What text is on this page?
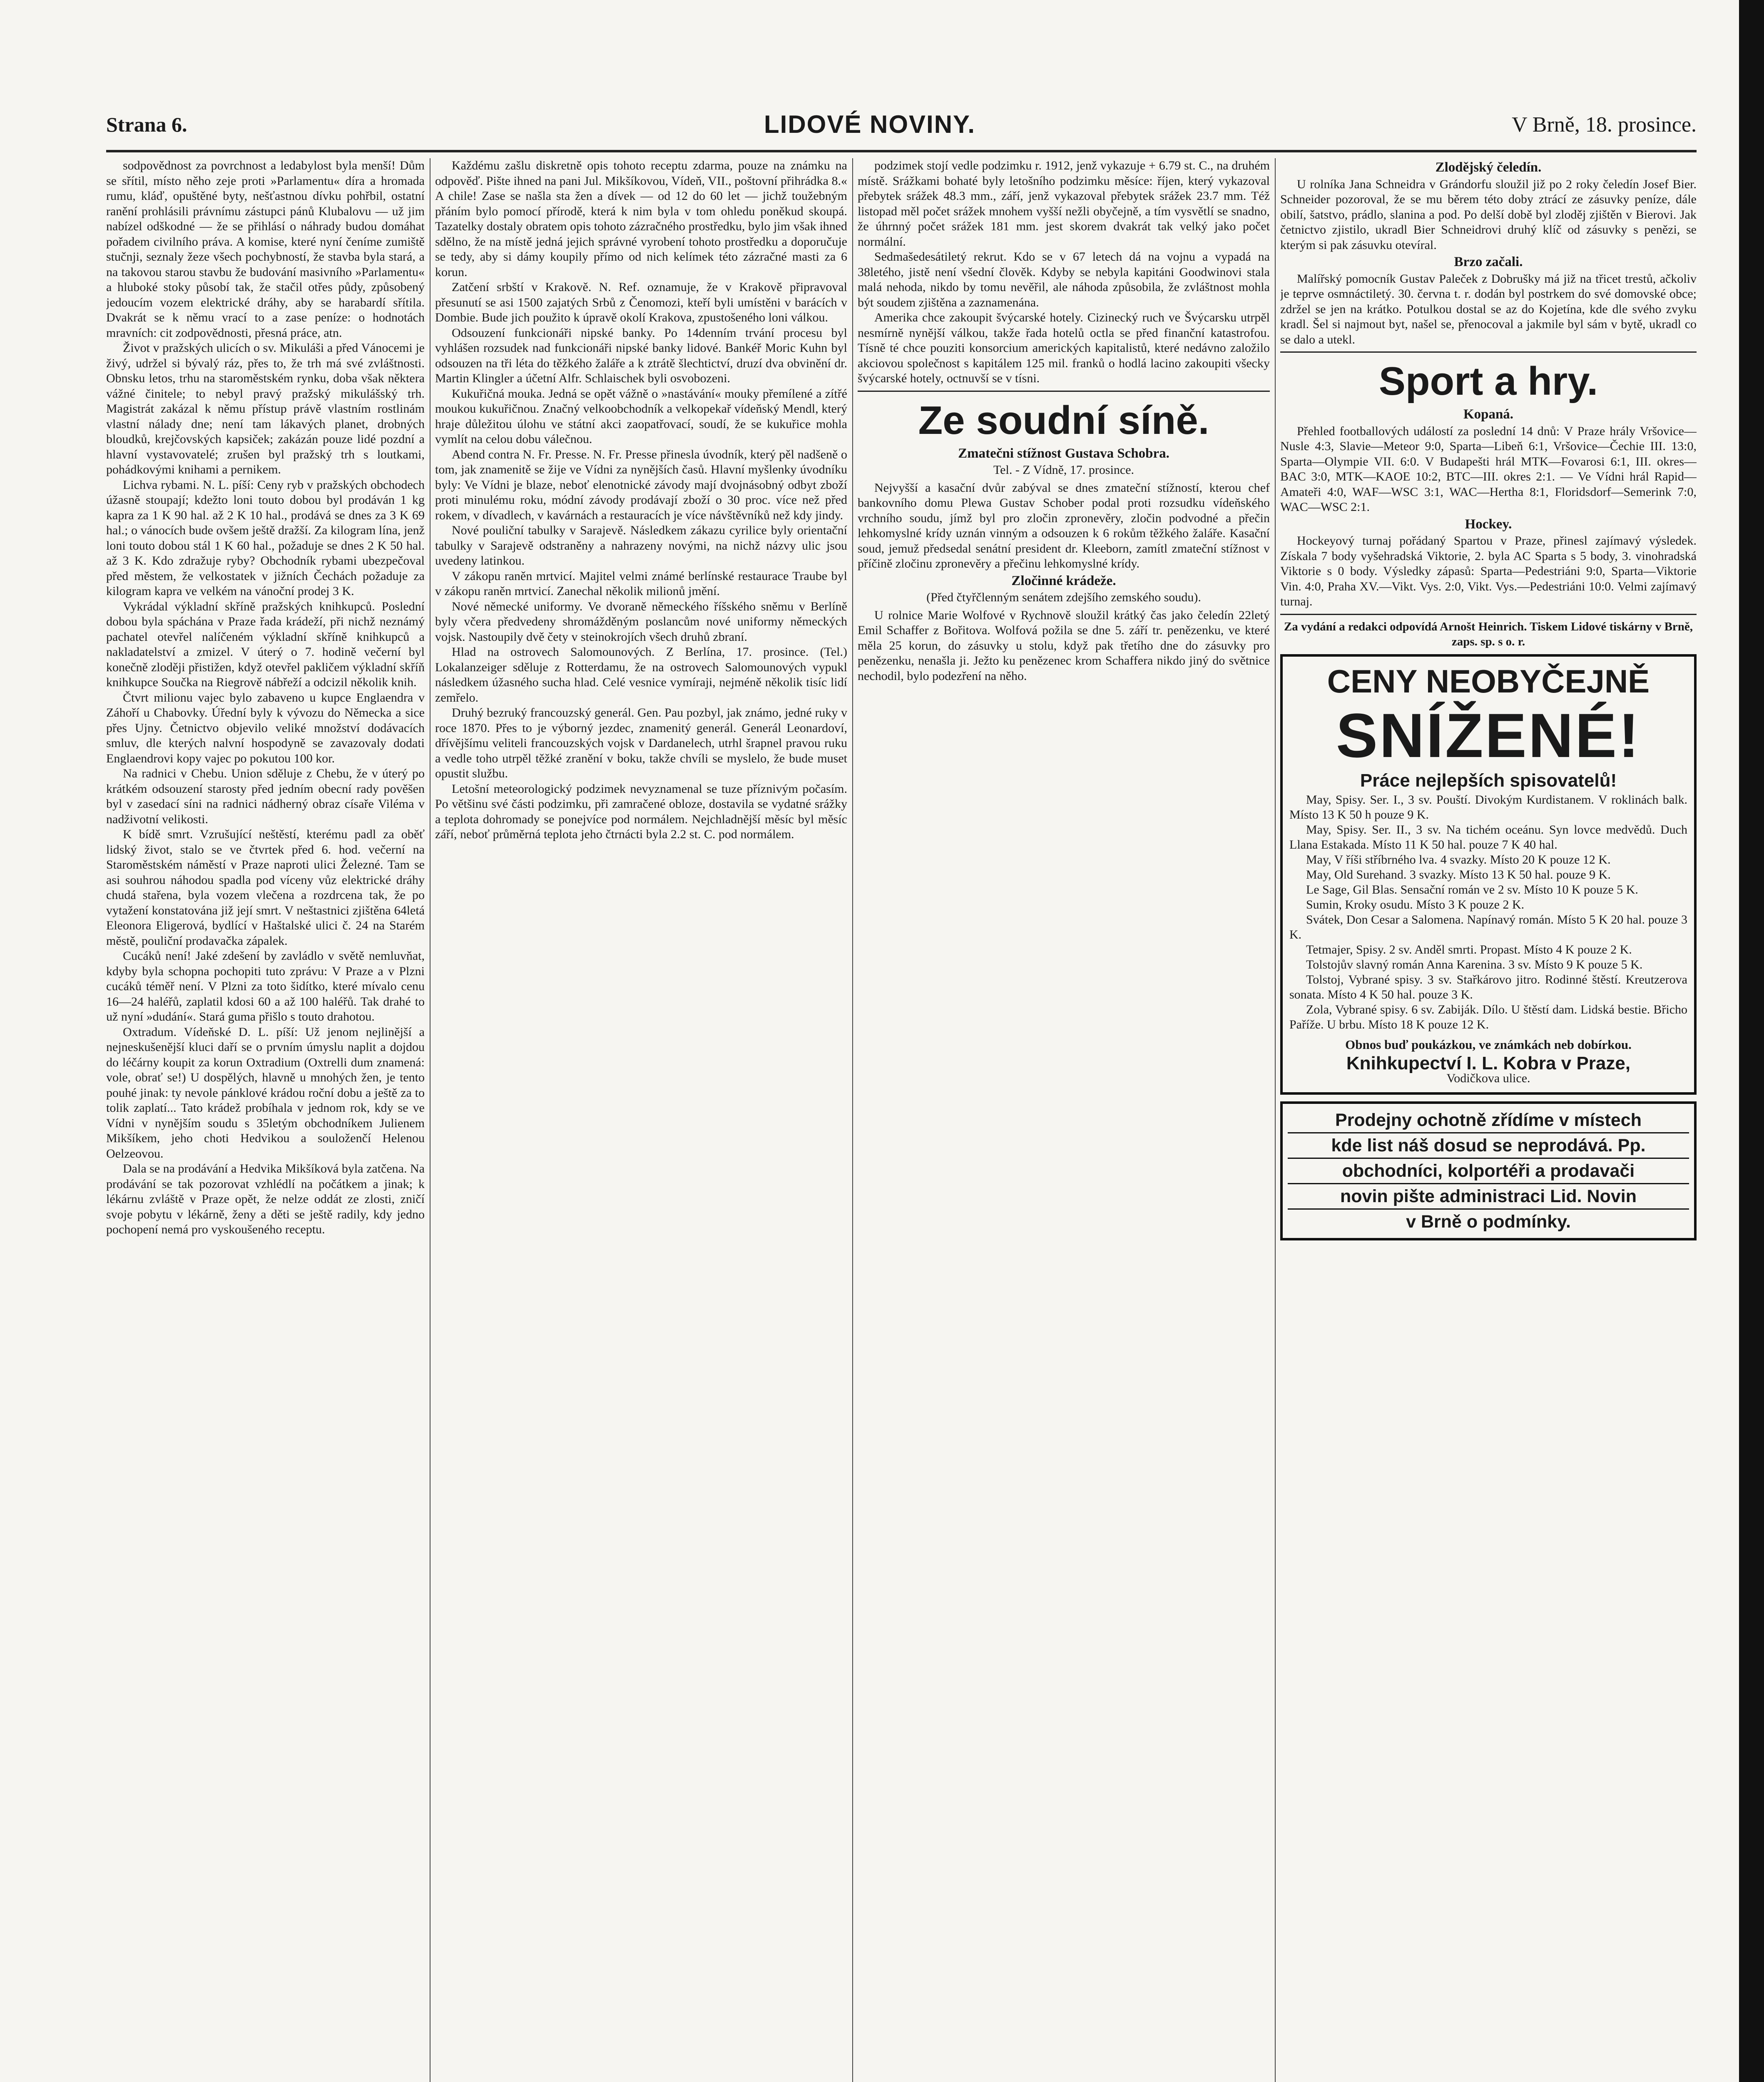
Strana 6.	LIDOVÉ NOVINY.	V Brně, 18. prosince.

sodpovědnost za povrchnost a ledabylost byla menší! Dům se sřítil, místo něho zeje proti »Parlamentu« díra a hromada rumu, kláď, opuštěné byty, nešťastnou dívku pohřbil, ostatní ranění prohlásili právnímu zástupci pánů Klubalovu — už jim nabízel odškodné — že se přihlásí o náhrady budou domáhat pořadem civilního práva. A komise, které nyní čeníme zumiště stučnji, seznaly žeze všech pochybností, že stavba byla stará, a na takovou starou stavbu že budování masivního »Parlamentu« a hluboké stoky působí tak, že stačil otřes půdy, způsobený jedoucím vozem elektrické dráhy, aby se harabardí sřítila. Dvakrát se k němu vrací to a zase peníze: o hodnotách mravních: cit zodpovědnosti, přesná práce, atn.

Život v pražských ulicích o sv. Mikuláši a před Vánocemi je živý, udržel si bývalý ráz, přes to, že trh má své zvláštnosti. Obnsku letos, trhu na staroměstském rynku, doba však některa vážné činitele; to nebyl pravý pražský mikulášský trh. Magistrát zakázal k němu přístup právě vlastním rostlinám vlastní nálady dne; není tam lákavých planet, drobných bloudků, krejčovských kapsiček; zakázán pouze lidé pozdní a hlavní vystavovatelé; zrušen byl pražský trh s loutkami, pohádkovými knihami a pernikem.

Lichva rybami. N. L. píší: Ceny ryb v pražských obchodech úžasně stoupají; kdežto loni touto dobou byl prodáván 1 kg kapra za 1 K 90 hal. až 2 K 10 hal., prodává se dnes za 3 K 69 hal.; o vánocích bude ovšem ještě dražší. Za kilogram lína, jenž loni touto dobou stál 1 K 60 hal., požaduje se dnes 2 K 50 hal. až 3 K. Kdo zdražuje ryby? Obchodník rybami ubezpečoval před městem, že velkostatek v jižních Čechách požaduje za kilogram kapra ve velkém na vánoční prodej 3 K.

Vykrádal výkladní skříně pražských knihkupců. Poslední dobou byla spáchána v Praze řada krádeží, při nichž neznámý pachatel otevřel nalíčeném výkladní skříně knihkupců a nakladatelství a zmizel. V úterý o 7. hodině večerní byl konečně zloději přistižen, když otevřel pakličem výkladní skříň knihkupce Součka na Riegrově nábřeží a odcizil několik knih.

Čtvrt milionu vajec bylo zabaveno u kupce Englaendra v Záhoří u Chabovky. Úřední byly k vývozu do Německa a sice přes Ujny. Četnictvo objevilo veliké množství dodávacích smluv, dle kterých nalvní hospodyně se zavazovaly dodati Englaendrovi kopy vajec po pokutou 100 kor.

Na radnici v Chebu. Union sděluje z Chebu, že v úterý po krátkém odsouzení starosty před jedním obecní rady pověšen byl v zasedací síni na radnici nádherný obraz císaře Viléma v nadživotní velikosti.

K bídě smrt. Vzrušující neštěstí, kterému padl za oběť lidský život, stalo se ve čtvrtek před 6. hod. večerní na Staroměstském náměstí v Praze naproti ulici Železné. Tam se asi souhrou náhodou spadla pod víceny vůz elektrické dráhy chudá stařena, byla vozem vlečena a rozdrcena tak, že po vytažení konstatována již její smrt. V neštastnici zjištěna 64letá Eleonora Eligerová, bydlící v Haštalské ulici č. 24 na Starém městě, pouliční prodavačka zápalek.

Cucáků není! Jaké zdešení by zavládlo v světě nemluvňat, kdyby byla schopna pochopiti tuto zprávu: V Praze a v Plzni cucáků téměř není. V Plzni za toto šidítko, které mívalo cenu 16—24 haléřů, zaplatil kdosi 60 a až 100 haléřů. Tak drahé to už nyní »dudání«. Stará guma přišlo s touto drahotou.

Oxtradum. Vídeňské D. L. píší: Už jenom nejlinější a nejneskušenější kluci daří se o prvním úmyslu naplit a dojdou do léčárny koupit za korun Oxtradium (Oxtrelli dum znamená: vole, obrať se!) U dospělých, hlavně u mnohých žen, je tento pouhé jinak: ty nevole pánklové krádou roční dobu a ještě za to tolik zaplatí... Tato krádež probíhala v jednom rok, kdy se ve Vídni v nynějším soudu s 35letým obchodníkem Julienem Mikšíkem, jeho choti Hedvikou a souloženčí Helenou Oelzeovou.

Dala se na prodávání a Hedvika Mikšíková byla zatčena. Na prodávání se tak pozorovat vzhlédlí na počátkem a jinak; k lékárnu zvláště v Praze opět, že nelze oddát ze zlosti, zničí svoje pobytu v lékárně, ženy a děti se ještě radily, kdy jedno pochopení nemá pro vyskoušeného receptu.

Každému zašlu diskretně opis tohoto receptu zdarma, pouze na známku na odpověď. Pište ihned na pani Jul. Mikšíkovou, Vídeň, VII., poštovní přihrádka 8.« A chile! Zase se našla sta žen a dívek — od 12 do 60 let — jichž toužebným přáním bylo pomocí přírodě, která k nim byla v tom ohledu poněkud skoupá. Tazatelky dostaly obratem opis tohoto zázračného prostředku, bylo jim však ihned sdělno, že na místě jedná jejich správné vyrobení tohoto prostředku a doporučuje se tedy, aby si dámy koupily přímo od nich kelímek této zázračné masti za 6 korun.

Zatčení srbští v Krakově. N. Ref. oznamuje, že v Krakově připravoval přesunutí se asi 1500 zajatých Srbů z Čenomozi, kteří byli umístěni v barácích v Dombie. Bude jich použito k úpravě okolí Krakova, zpustošeného loni válkou.

Odsouzení funkcionáři nipské banky. Po 14denním trvání procesu byl vyhlášen rozsudek nad funkcionáři nipské banky lidové. Bankéř Moric Kuhn byl odsouzen na tři léta do těžkého žaláře a k ztrátě šlechtictví, druzí dva obvinění dr. Martin Klingler a účetní Alfr. Schlaischek byli osvobozeni.

Kukuřičná mouka. Jedná se opět vážně o »nastávání« mouky přemílené a zítřé moukou kukuřičnou. Značný velkoobchodník a velkopekař vídeňský Mendl, který hraje důležitou úlohu ve státní akci zaopatřovací, soudí, že se kukuřice mohla vymlít na celou dobu válečnou.

Abend contra N. Fr. Presse. N. Fr. Presse přinesla úvodník, který pěl nadšeně o tom, jak znamenitě se žije ve Vídni za nynějších časů. Hlavní myšlenky úvodníku byly: Ve Vídni je blaze, neboť elenotnické závody mají dvojnásobný odbyt zboží proti minulému roku, módní závody prodávají zboží o 30 proc. více než před rokem, v dívadlech, v kavárnách a restauracích je více návštěvníků než kdy jindy.

Nové pouliční tabulky v Sarajevě. Následkem zákazu cyrilice byly orientační tabulky v Sarajevě odstraněny a nahrazeny novými, na nichž názvy ulic jsou uvedeny latinkou.

V zákopu raněn mrtvicí. Majitel velmi známé berlínské restaurace Traube byl v zákopu raněn mrtvicí. Zanechal několik milionů jmění.

Nové německé uniformy. Ve dvoraně německého říšského sněmu v Berlíně byly včera předvedeny shromážděným poslancům nové uniformy německých vojsk. Nastoupily dvě čety v steinokrojích všech druhů zbraní.

Hlad na ostrovech Salomounových. Z Berlína, 17. prosince. (Tel.) Lokalanzeiger sděluje z Rotterdamu, že na ostrovech Salomounových vypukl následkem úžasného sucha hlad. Celé vesnice vymíraji, nejméně několik tisíc lidí zemřelo.

Druhý bezruký francouzský generál. Gen. Pau pozbyl, jak známo, jedné ruky v roce 1870. Přes to je výborný jezdec, znamenitý generál. Generál Leonardoví, dřívějšímu veliteli francouzských vojsk v Dardanelech, utrhl šrapnel pravou ruku a vedle toho utrpěl těžké zranění v boku, takže chvíli se myslelo, že bude muset opustit službu.

Letošní meteorologický podzimek nevyznamenal se tuze příznivým počasím. Po většinu své části podzimku, při zamračené obloze, dostavila se vydatné srážky a teplota dohromady se ponejvíce pod normálem. Nejchladnější měsíc byl měsíc září, neboť průměrná teplota jeho čtrnácti byla 2.2 st. C. pod normálem.

podzimek stojí vedle podzimku r. 1912, jenž vykazuje + 6.79 st. C., na druhém místě. Srážkami bohaté byly letošního podzimku měsíce: říjen, který vykazoval přebytek srážek 48.3 mm., září, jenž vykazoval přebytek srážek 23.7 mm. Též listopad měl počet srážek mnohem vyšší nežli obyčejně, a tím vysvětlí se snadno, že úhrnný počet srážek 181 mm. jest skorem dvakrát tak velký jako počet normální.

Sedmašedesátiletý rekrut. Kdo se v 67 letech dá na vojnu a vypadá na 38letého, jistě není všední člověk. Kdyby se nebyla kapitáni Goodwinovi stala malá nehoda, nikdo by tomu nevěřil, ale náhoda způsobila, že zvláštnost mohla být soudem zjištěna a zaznamenána.

Amerika chce zakoupit švýcarské hotely. Cizinecký ruch ve Švýcarsku utrpěl nesmírně nynější válkou, takže řada hotelů octla se před finanční katastrofou. Tísně té chce pouziti konsorcium amerických kapitalistů, které nedávno založilo akciovou společnost s kapitálem 125 mil. franků o hodlá lacino zakoupiti všecky švýcarské hotely, octnuvší se v tísni.

Ze soudní síně.
Zmatečni stížnost Gustava Schobra.
Tel. - Z Vídně, 17. prosince.

Nejvyšší a kasační dvůr zabýval se dnes zmateční stížností, kterou chef bankovního domu Plewa Gustav Schober podal proti rozsudku vídeňského vrchního soudu, jímž byl pro zločin zpronevěry, zločin podvodné a přečin lehkomyslné krídy uznán vinným a odsouzen k 6 rokům těžkého žaláře. Kasační soud, jemuž předsedal senátní president dr. Kleeborn, zamítl zmateční stížnost v příčině zločinu zpronevěry a přečinu lehkomyslné krídy.

Zločinné krádeže.
(Před čtyřčlenným senátem zdejšího zemského soudu).

U rolnice Marie Wolfové v Rychnově sloužil krátký čas jako čeledín 22letý Emil Schaffer z Bořitova. Wolfová požila se dne 5. září tr. penězenku, ve které měla 25 korun, do zásuvky u stolu, když pak třetího dne do zásuvky pro penězenku, nenašla ji. Ježto ku penězenec krom Schaffera nikdo jiný do světnice nechodil, bylo podezření na něho.

Zlodějský čeledín.

U rolníka Jana Schneidra v Grándorfu sloužil již po 2 roky čeledín Josef Bier. Schneider pozoroval, že se mu běrem této doby ztrácí ze zásuvky peníze, dále obilí, šatstvo, prádlo, slanina a pod. Po delší době byl zloděj zjištěn v Bierovi. Jak četnictvo zjistilo, ukradl Bier Schneidrovi druhý klíč od zásuvky s penězi, se kterým si pak zásuvku otevíral.

Brzo začali.

Malířský pomocník Gustav Paleček z Dobrušky má již na třicet trestů, ačkoliv je teprve osmnáctiletý. 30. června t. r. dodán byl postrkem do své domovské obce; zdržel se jen na krátko. Potulkou dostal se az do Kojetína, kde dle svého zvyku kradl. Šel si najmout byt, našel se, přenocoval a jakmile byl sám v bytě, ukradl co se dalo a utekl.

Sport a hry.
Kopaná.

Přehled footballových událostí za poslední 14 dnů: V Praze hrály Vršovice—Nusle 4:3, Slavie—Meteor 9:0, Sparta—Libeň 6:1, Vršovice—Čechie III. 13:0, Sparta—Olympie VII. 6:0. V Budapešti hrál MTK—Fovarosi 6:1, III. okres—BAC 3:0, MTK—KAOE 10:2, BTC—III. okres 2:1. — Ve Vídni hrál Rapid—Amateři 4:0, WAF—WSC 3:1, WAC—Hertha 8:1, Floridsdorf—Semerink 7:0, WAC—WSC 2:1.

Hockey.

Hockeyový turnaj pořádaný Spartou v Praze, přinesl zajímavý výsledek. Získala 7 body vyšehradská Viktorie, 2. byla AC Sparta s 5 body, 3. vinohradská Viktorie s 0 body. Výsledky zápasů: Sparta—Pedestriáni 9:0, Sparta—Viktorie Vin. 4:0, Praha XV.—Vikt. Vys. 2:0, Vikt. Vys.—Pedestriáni 10:0. Velmi zajímavý turnaj.

Za vydání a redakci odpovídá Arnošt Heinrich. Tiskem Lidové tiskárny v Brně, zaps. sp. s o. r.
CENY NEOBYČEJNĚ
SNÍŽENÉ!
Práce nejlepších spisovatelů!

May, Spisy. Ser. I., 3 sv. Pouští. Divokým Kurdistanem. V roklinách balk. Místo 13 K 50 h pouze 9 K.

May, Spisy. Ser. II., 3 sv. Na tichém oceánu. Syn lovce medvědů. Duch Llana Estakada. Místo 11 K 50 hal. pouze 7 K 40 hal.

May, V říši stříbrného lva. 4 svazky. Místo 20 K pouze 12 K.

May, Old Surehand. 3 svazky. Místo 13 K 50 hal. pouze 9 K.

Le Sage, Gil Blas. Sensační román ve 2 sv. Místo 10 K pouze 5 K.

Sumin, Kroky osudu. Místo 3 K pouze 2 K.

Svátek, Don Cesar a Salomena. Napínavý román. Místo 5 K 20 hal. pouze 3 K.

Tetmajer, Spisy. 2 sv. Anděl smrti. Propast. Místo 4 K pouze 2 K.

Tolstojův slavný román Anna Karenina. 3 sv. Místo 9 K pouze 5 K.

Tolstoj, Vybrané spisy. 3 sv. Stařkárovo jitro. Rodinné štěstí. Kreutzerova sonata. Místo 4 K 50 hal. pouze 3 K.

Zola, Vybrané spisy. 6 sv. Zabiják. Dílo. U štěstí dam. Lidská bestie. Břicho Paříže. U brbu. Místo 18 K pouze 12 K.

Obnos buď poukázkou, ve známkách neb dobírkou.
Knihkupectví I. L. Kobra v Praze,
Vodičkova ulice.
Prodejny ochotně zřídíme v místech
kde list náš dosud se neprodává. Pp.
obchodníci, kolportéři a prodavači
novin pište administraci Lid. Novin
v Brně o podmínky.
